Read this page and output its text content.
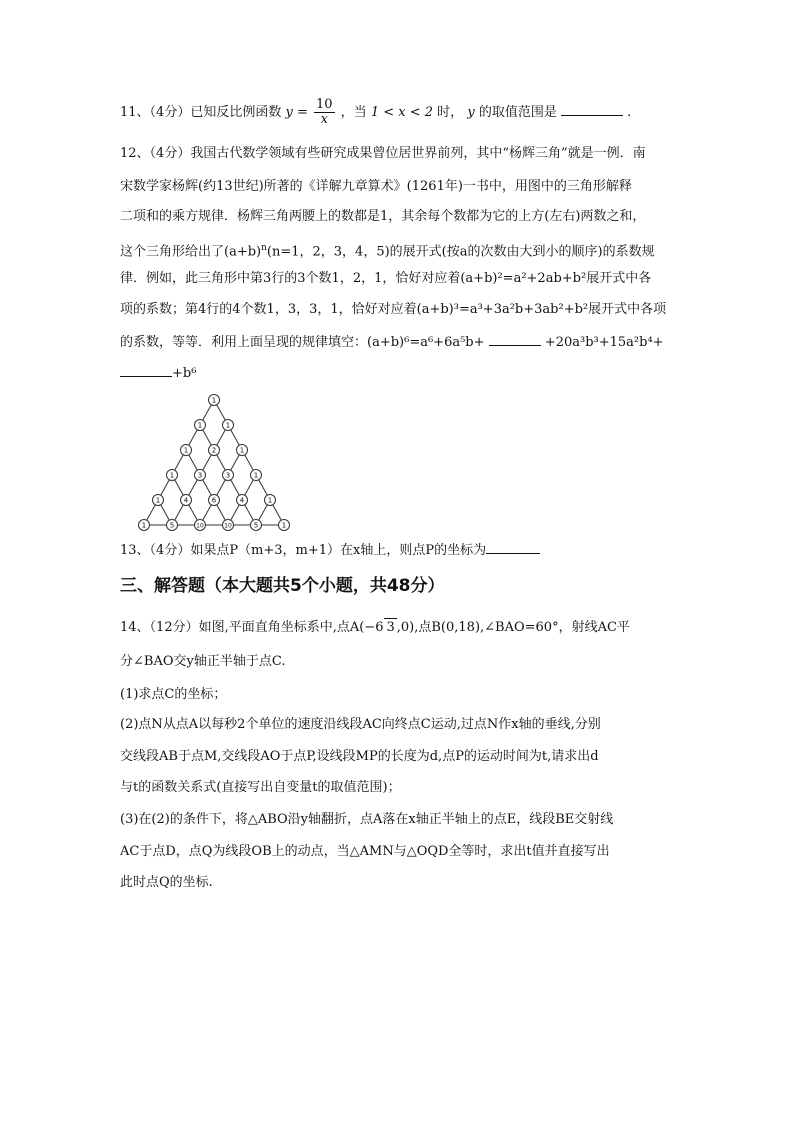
11、（4分）已知反比例函数 $y = \frac{10}{x}$ ，当 1 < x < 2 时， y 的取值范围是	.
12、（4分）我国古代数学领域有些研究成果曾位居世界前列，其中“杨辉三角”就是一例．南
宋数学家杨辉(约13世纪)所著的《详解九章算术》(1261年)一书中，用图中的三角形解释
二项和的乘方规律．杨辉三角两腰上的数都是1，其余每个数都为它的上方(左右)两数之和，
这个三角形给出了$(a+b)^n(n=1$，2，3，4，5)的展开式(按a的次数由大到小的顺序)的系数规
律．例如，此三角形中第3行的3个数1，2，1，恰好对应着(a+b)²=a²+2ab+b²展开式中各
项的系数；第4行的4个数1，3，3，1，恰好对应着(a+b)³=a³+3a²b+3ab²+b²展开式中各项
的系数，等等．利用上面呈现的规律填空：(a+b)⁶=a⁶+6a⁵b+	+20a³b³+15a²b⁴+
+b⁶
1
1	1
1	2	1
1	3	3	1
1	4	6	4	1
1	5	10	10	5	1
13、（4分）如果点P（m+3，m+1）在x轴上，则点P的坐标为
三、解答题（本大题共5个小题，共48分）
14、（12分）如图,平面直角坐标系中,点A(−6 3 ,0),点B(0,18),∠BAO=60°，射线AC平
分∠BAO交y轴正半轴于点C.
(1)求点C的坐标；
(2)点N从点A以每秒2个单位的速度沿线段AC向终点C运动,过点N作x轴的垂线,分别
交线段AB于点M,交线段AO于点P,设线段MP的长度为d,点P的运动时间为t,请求出d
与t的函数关系式(直接写出自变量t的取值范围)；
(3)在(2)的条件下，将△ABO沿y轴翻折，点A落在x轴正半轴上的点E，线段BE交射线
AC于点D，点Q为线段OB上的动点，当△AMN与△OQD全等时，求出t值并直接写出
此时点Q的坐标.
